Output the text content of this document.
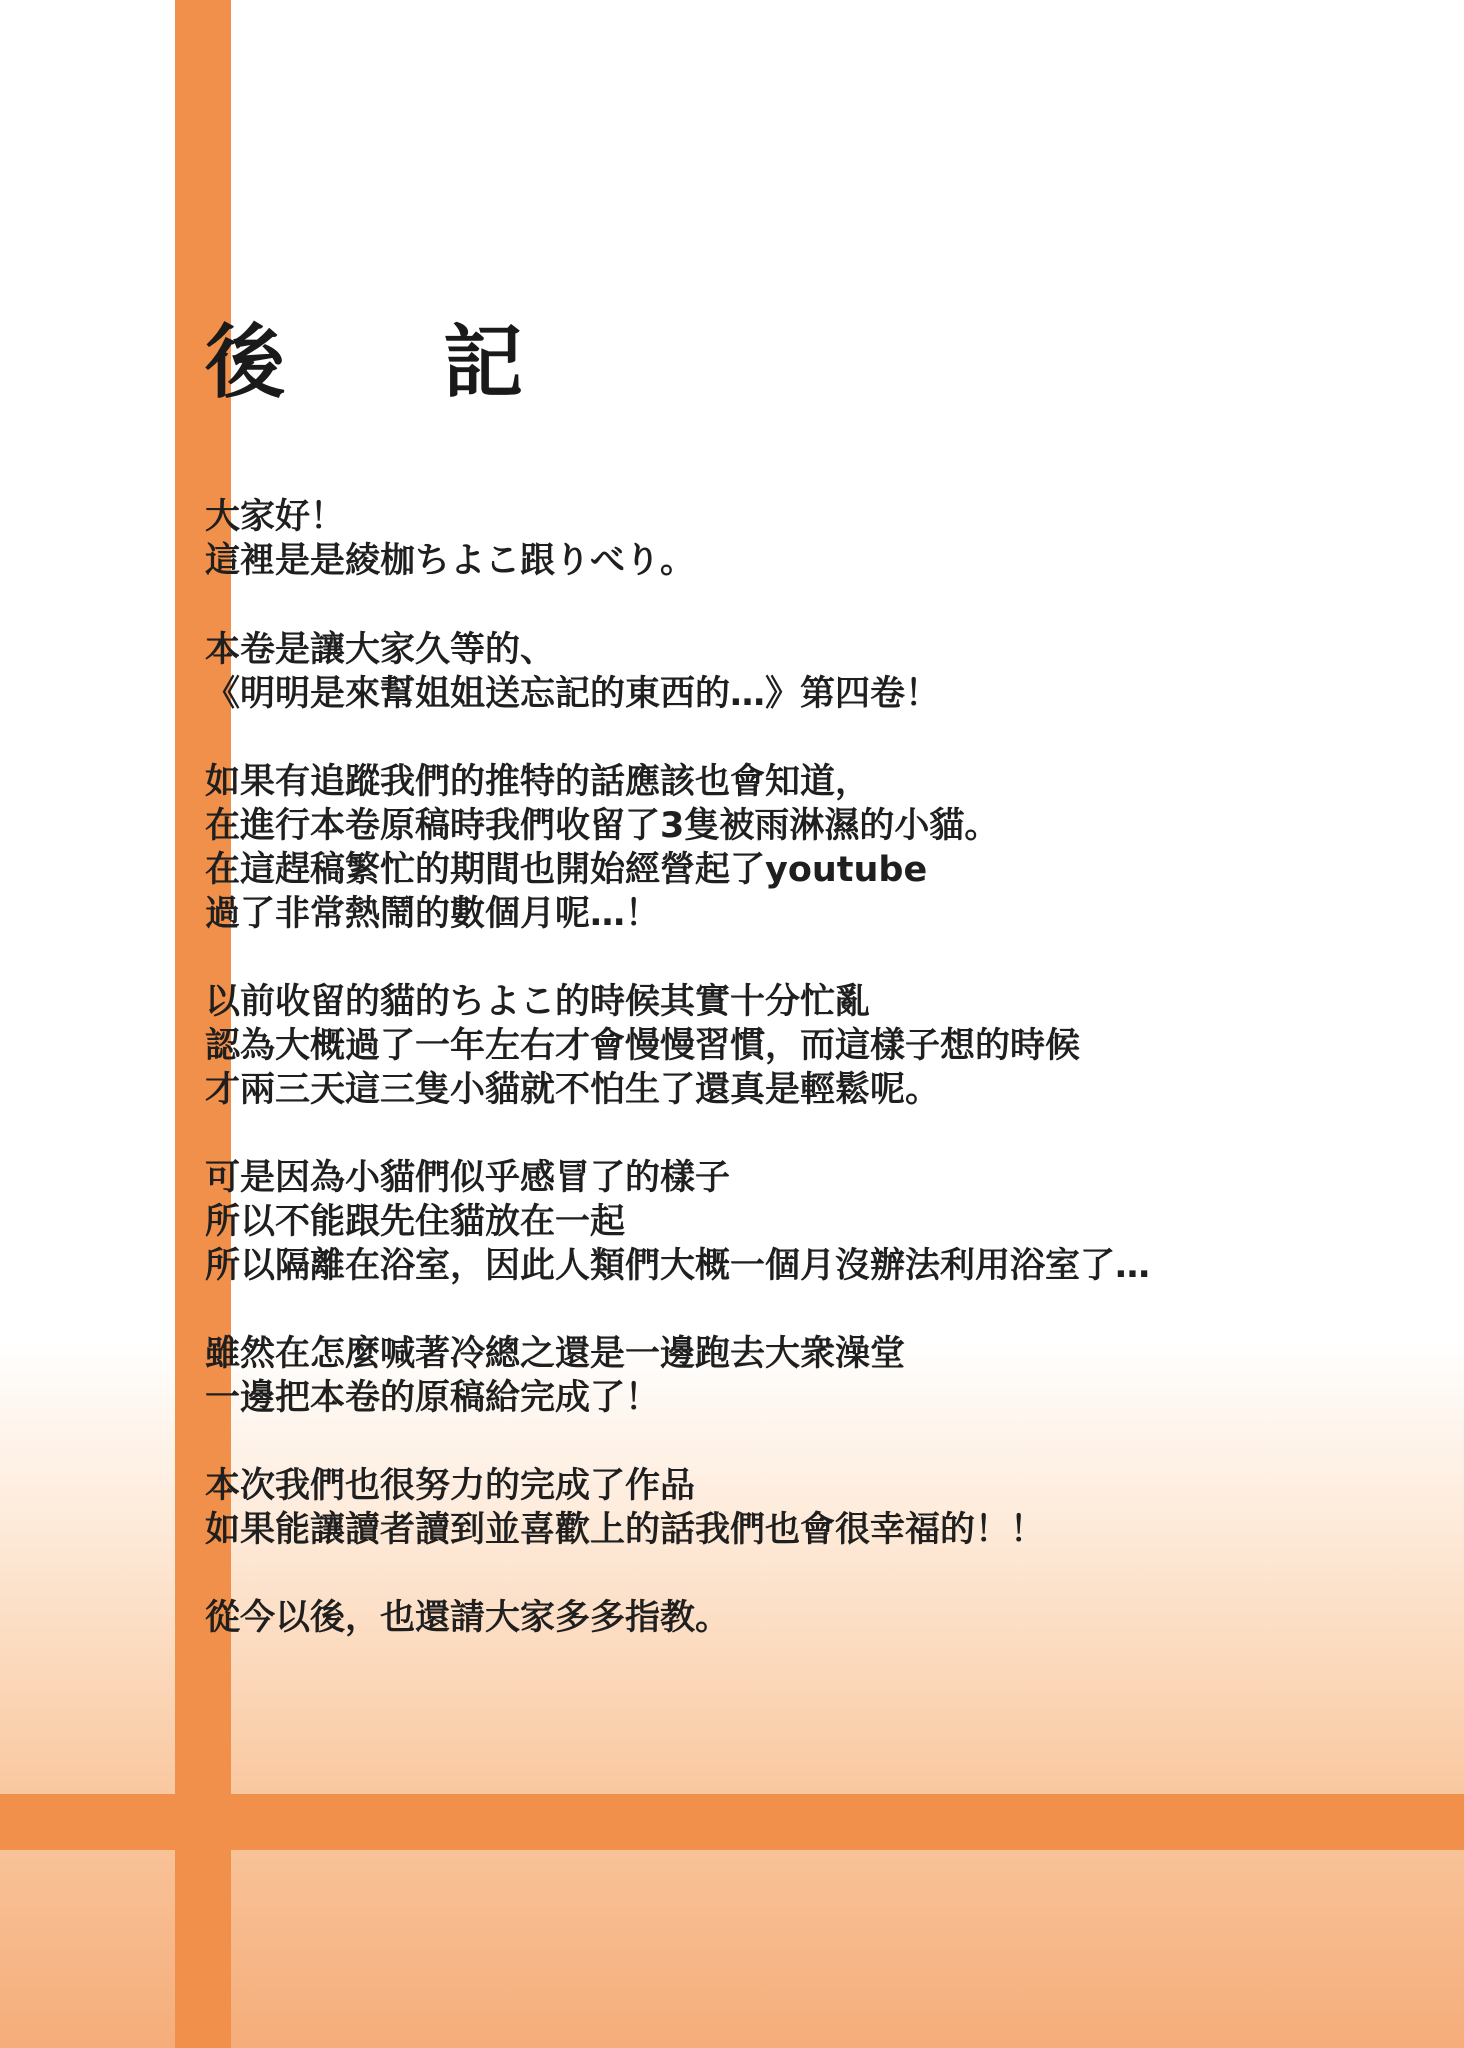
後 記
大家好！
這裡是是綾枷ちよこ跟りべり。
本卷是讓大家久等的、
《明明是來幫姐姐送忘記的東西的…》第四卷！
如果有追蹤我們的推特的話應該也會知道，
在進行本卷原稿時我們收留了3隻被雨淋濕的小貓。
在這趕稿繁忙的期間也開始經營起了youtube
過了非常熱鬧的數個月呢…！
以前收留的貓的ちよこ的時候其實十分忙亂
認為大概過了一年左右才會慢慢習慣，而這樣子想的時候
才兩三天這三隻小貓就不怕生了還真是輕鬆呢。
可是因為小貓們似乎感冒了的樣子
所以不能跟先住貓放在一起
所以隔離在浴室，因此人類們大概一個月沒辦法利用浴室了…
雖然在怎麼喊著冷總之還是一邊跑去大衆澡堂
一邊把本卷的原稿給完成了！
本次我們也很努力的完成了作品
如果能讓讀者讀到並喜歡上的話我們也會很幸福的！！
從今以後，也還請大家多多指教。
